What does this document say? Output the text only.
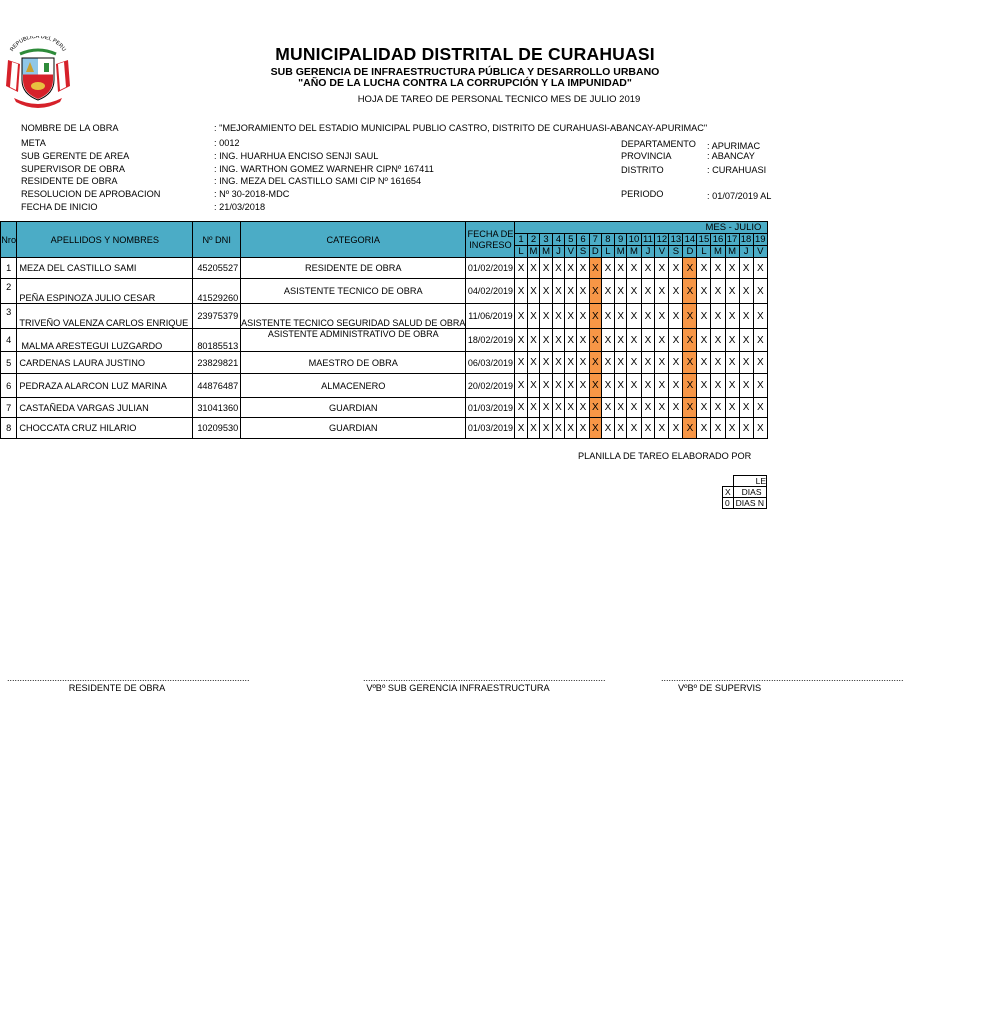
REPUBLICA DEL PERU	MUNICIPALIDAD DISTRITAL DE CURAHUASI
SUB GERENCIA DE INFRAESTRUCTURA PÚBLICA Y DESARROLLO URBANO
"AÑO DE LA LUCHA CONTRA LA CORRUPCIÓN Y LA IMPUNIDAD"
HOJA DE TAREO DE PERSONAL TECNICO MES DE JULIO 2019
NOMBRE DE LA OBRA	: "MEJORAMIENTO DEL ESTADIO MUNICIPAL PUBLIO CASTRO, DISTRITO DE CURAHUASI-ABANCAY-APURIMAC"
META	: 0012
SUB GERENTE DE AREA	: ING. HUARHUA ENCISO SENJI SAUL
SUPERVISOR DE OBRA	: ING. WARTHON GOMEZ WARNEHR CIPNº 167411
RESIDENTE DE OBRA	: ING. MEZA DEL CASTILLO SAMI CIP Nº 161654
RESOLUCION DE APROBACION	: Nº 30-2018-MDC
FECHA DE INICIO	: 21/03/2018
DEPARTAMENTO : APURIMAC
PROVINCIA	: ABANCAY
DISTRITO	: CURAHUASI
PERIODO	: 01/07/2019 AL
Nro	APELLIDOS Y NOMBRES	Nº DNI	CATEGORIA	FECHA DE INGRESO	MES - JULIO																		
					1	2	3	4	5	6	7	8	9	10	11	12	13	14	15	16	17	18	19
					L	M	M	J	V	S	D	L	M	M	J	V	S	D	L	M	M	J	V
1	MEZA DEL CASTILLO SAMI	45205527	RESIDENTE DE OBRA	01/02/2019	X	X	X	X	X	X	X	X	X	X	X	X	X	X	X	X	X	X	X
2	PEÑA ESPINOZA JULIO CESAR	41529260	ASISTENTE TECNICO DE OBRA	04/02/2019	X	X	X	X	X	X	X	X	X	X	X	X	X	X	X	X	X	X	X
3	TRIVEÑO VALENZA CARLOS ENRIQUE	23975379	ASISTENTE TECNICO SEGURIDAD SALUD DE OBRA	11/06/2019	X	X	X	X	X	X	X	X	X	X	X	X	X	X	X	X	X	X	X
4	MALMA ARESTEGUI LUZGARDO	80185513	ASISTENTE ADMINISTRATIVO DE OBRA	18/02/2019	X	X	X	X	X	X	X	X	X	X	X	X	X	X	X	X	X	X	X
5	CARDENAS LAURA JUSTINO	23829821	MAESTRO DE OBRA	06/03/2019	X	X	X	X	X	X	X	X	X	X	X	X	X	X	X	X	X	X	X
6	PEDRAZA ALARCON LUZ MARINA	44876487	ALMACENERO	20/02/2019	X	X	X	X	X	X	X	X	X	X	X	X	X	X	X	X	X	X	X
7	CASTAÑEDA VARGAS JULIAN	31041360	GUARDIAN	01/03/2019	X	X	X	X	X	X	X	X	X	X	X	X	X	X	X	X	X	X	X
8	CHOCCATA CRUZ HILARIO	10209530	GUARDIAN	01/03/2019	X	X	X	X	X	X	X	X	X	X	X	X	X	X	X	X	X	X	X
PLANILLA DE TAREO ELABORADO POR
	LE
X	DIAS
0	DIAS N
.................................................................................................	.................................................................................................	.................................................................................................
RESIDENTE DE OBRA	VºBº SUB GERENCIA INFRAESTRUCTURA	VºBº DE SUPERVIS
